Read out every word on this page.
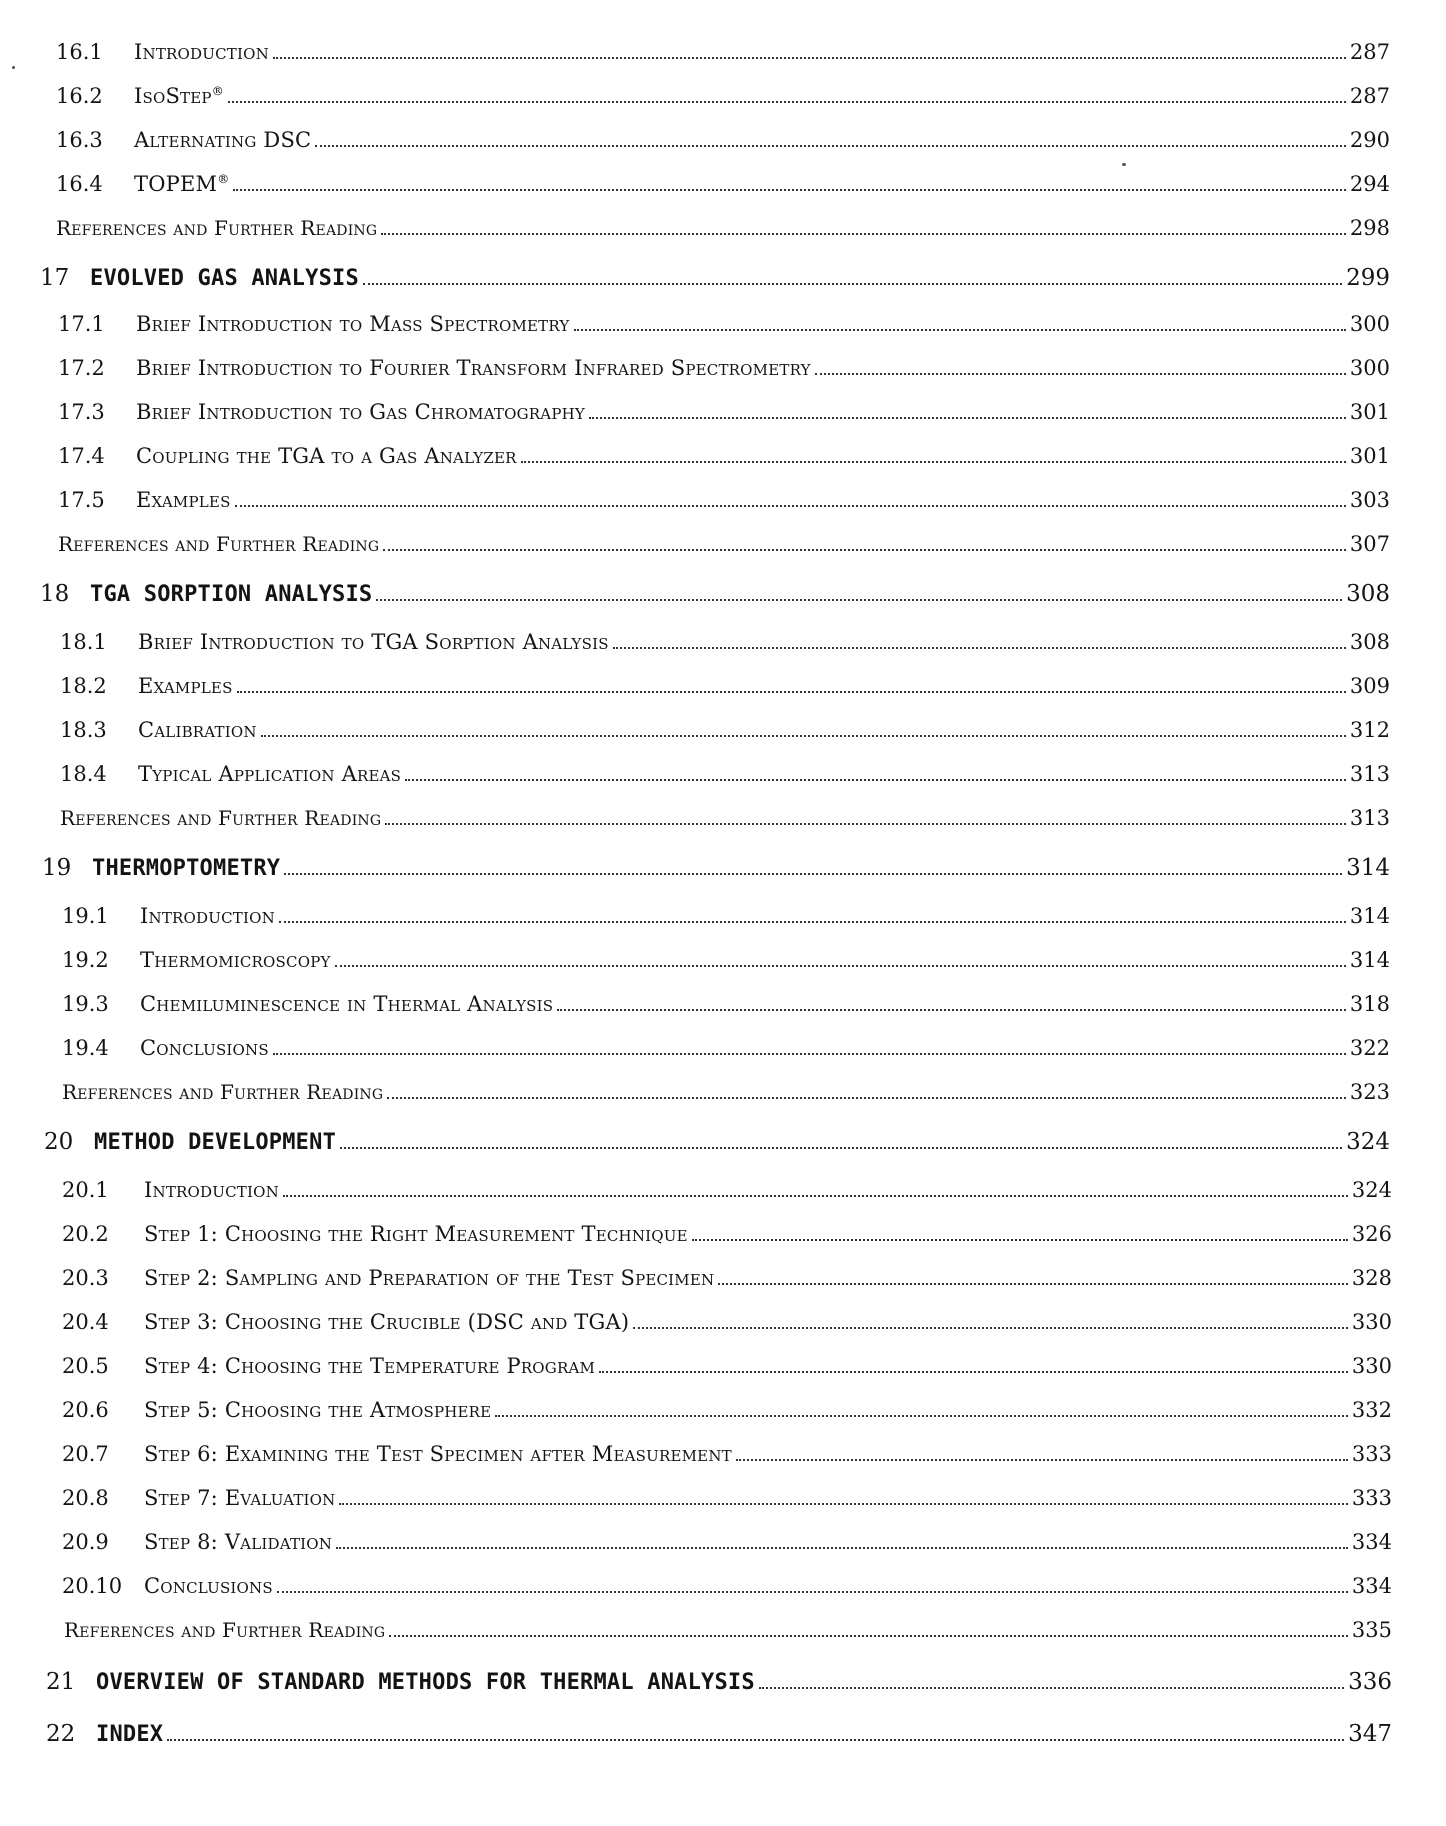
16.1	Introduction	287
16.2	IsoStep®	287
16.3	Alternating DSC	290
16.4	TOPEM®	294
References and Further Reading	298
17 EVOLVED GAS ANALYSIS	299
17.1	Brief Introduction to Mass Spectrometry	300
17.2	Brief Introduction to Fourier Transform Infrared Spectrometry	300
17.3	Brief Introduction to Gas Chromatography	301
17.4	Coupling the TGA to a Gas Analyzer	301
17.5	Examples	303
References and Further Reading	307
18 TGA SORPTION ANALYSIS	308
18.1	Brief Introduction to TGA Sorption Analysis	308
18.2	Examples	309
18.3	Calibration	312
18.4	Typical Application Areas	313
References and Further Reading	313
19 THERMOPTOMETRY	314
19.1	Introduction	314
19.2	Thermomicroscopy	314
19.3	Chemiluminescence in Thermal Analysis	318
19.4	Conclusions	322
References and Further Reading	323
20 METHOD DEVELOPMENT	324
20.1	Introduction	324
20.2	Step 1: Choosing the Right Measurement Technique	326
20.3	Step 2: Sampling and Preparation of the Test Specimen	328
20.4	Step 3: Choosing the Crucible (DSC and TGA)	330
20.5	Step 4: Choosing the Temperature Program	330
20.6	Step 5: Choosing the Atmosphere	332
20.7	Step 6: Examining the Test Specimen after Measurement	333
20.8	Step 7: Evaluation	333
20.9	Step 8: Validation	334
20.10	Conclusions	334
References and Further Reading	335
21 OVERVIEW OF STANDARD METHODS FOR THERMAL ANALYSIS	336
22 INDEX	347
